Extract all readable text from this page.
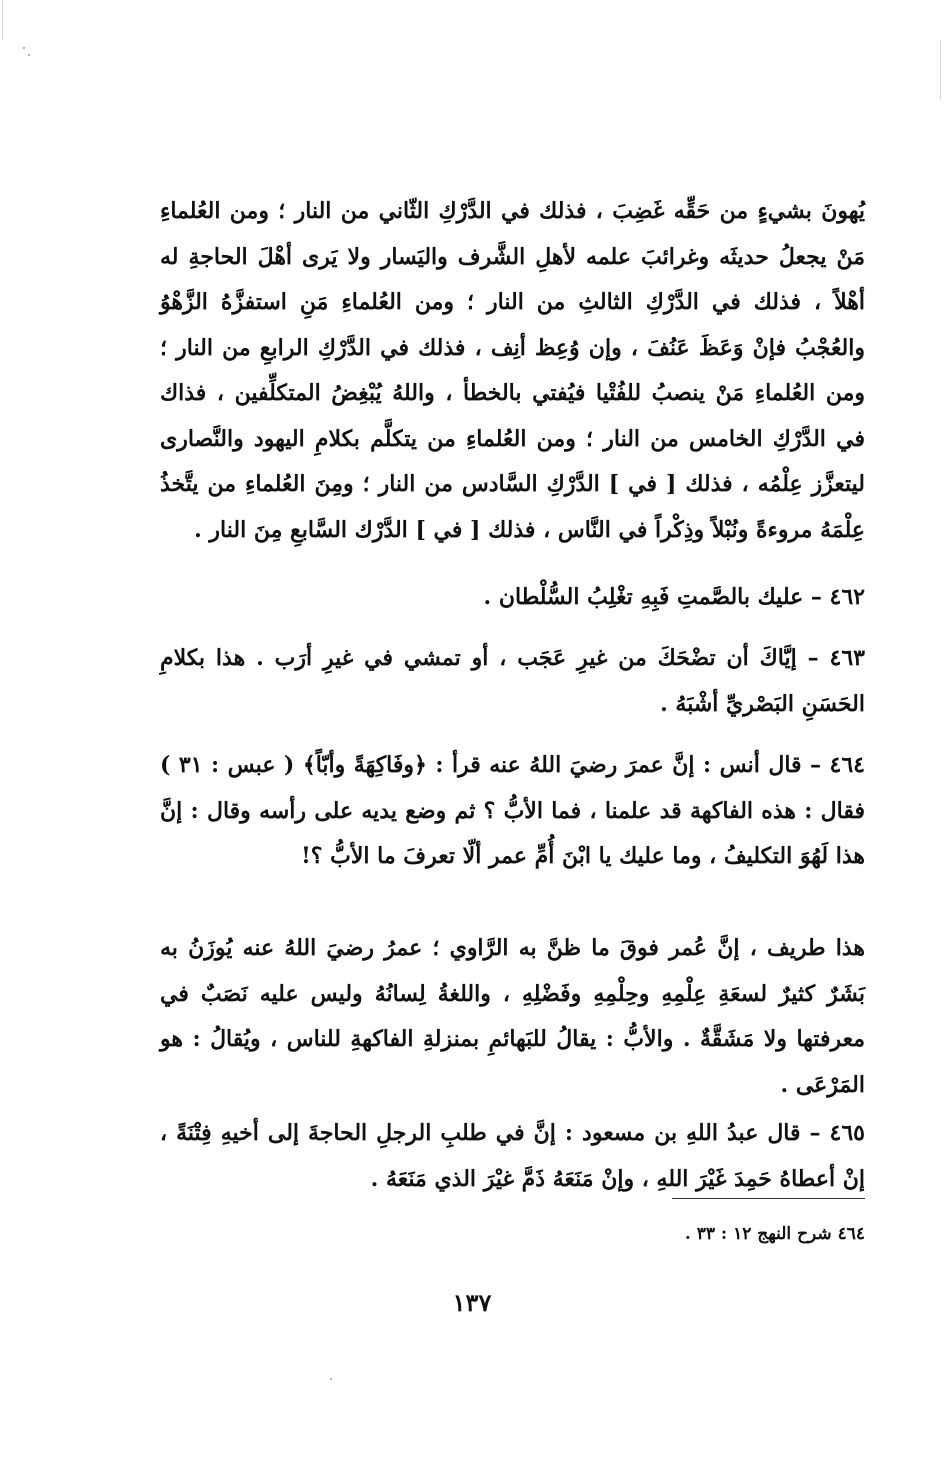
يُهونَ بشيءٍ من حَقِّه غَضِبَ ، فذلك في الدَّرْكِ الثّاني من النار ؛ ومن العُلماءِ مَنْ يجعلُ حديثَه وغرائبَ علمه لأهلِ الشَّرف واليَسار ولا يَرى أهْلَ الحاجةِ له أهْلاً ، فذلك في الدَّرْكِ الثالثِ من النار ؛ ومن العُلماءِ مَنِ استفزَّهُ الزَّهْوُ والعُجْبُ فإنْ وَعَظَ عَنُفَ ، وإن وُعِظ أنِف ، فذلك في الدَّرْكِ الرابعِ من النار ؛ ومن العُلماءِ مَنْ ينصبُ للفُتْيا فيُفتي بالخطأ ، واللهُ يُبْغِضُ المتكلِّفين ، فذاك في الدَّرْكِ الخامس من النار ؛ ومن العُلماءِ من يتكلَّم بكلامِ اليهود والنَّصارى ليتعزَّز عِلْمُه ، فذلك [ في ] الدَّرْكِ السَّادس من النار ؛ ومِنَ العُلماءِ من يتَّخذُ عِلْمَهُ مروءةً ونُبْلاً وذِكْراً في النَّاس ، فذلك [ في ] الدَّرْك السَّابعِ مِنَ النار .

٤٦٢ – عليك بالصَّمتِ فَبِهِ تغْلِبُ السُّلْطان .

٤٦٣ – إيَّاكَ أن تضْحَكَ من غيرِ عَجَب ، أو تمشي في غيرِ أرَب . هذا بكلامِ الحَسَنِ البَصْريِّ أشْبَهُ .

٤٦٤ – قال أنس : إنَّ عمرَ رضيَ اللهُ عنه قرأ : ﴿وفَاكِهَةً وأبّاً﴾ ( عبس : ٣١ ) فقال : هذه الفاكهة قد علمنا ، فما الأبُّ ؟ ثم وضع يديه على رأسه وقال : إنَّ هذا لَهُوَ التكليفُ ، وما عليك يا ابْنَ أُمِّ عمر ألّا تعرفَ ما الأبُّ ؟!

هذا طريف ، إنَّ عُمر فوقَ ما ظنَّ به الرَّاوي ؛ عمرُ رضيَ اللهُ عنه يُوزَنُ به بَشَرٌ كثيرٌ لسعَةِ عِلْمِهِ وحِلْمِهِ وفَضْلِهِ ، واللغةُ لِسانُهُ وليس عليه نَصَبٌ في معرفتها ولا مَشَقَّةٌ . والأبُّ : يقالُ للبَهائمِ بمنزلةِ الفاكهةِ للناس ، ويُقالُ : هو المَرْعَى .

٤٦٥ – قال عبدُ اللهِ بن مسعود : إنَّ في طلبِ الرجلِ الحاجةَ إلى أخيهِ فِتْنَةً ، إنْ أعطاهُ حَمِدَ غَيْرَ اللهِ ، وإنْ مَنَعَهُ ذَمَّ غيْرَ الذي مَنَعَهُ .

٤٦٤ شرح النهج ١٢ : ٣٣ .
١٣٧
